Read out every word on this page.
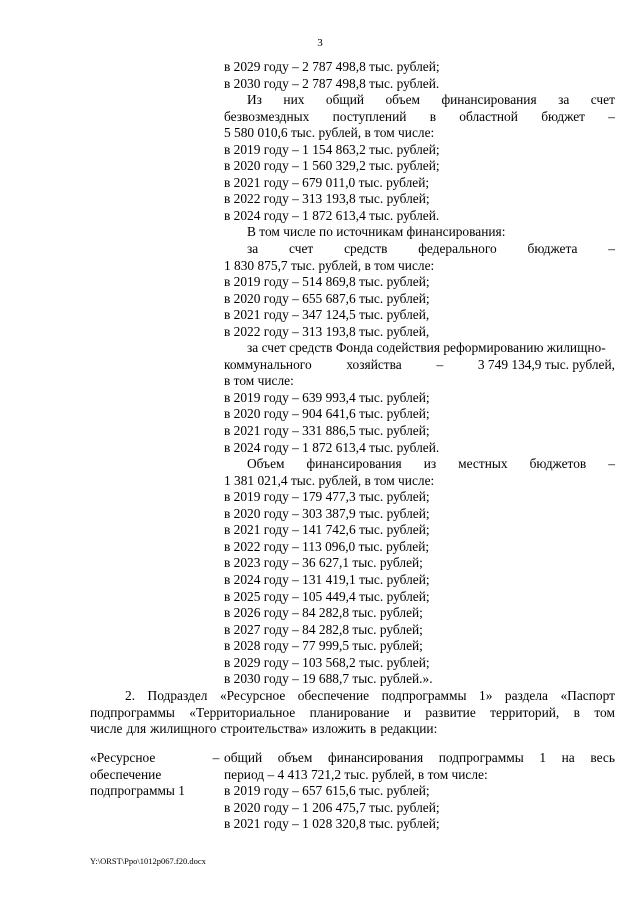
3
в 2029 году – 2 787 498,8 тыс. рублей;
в 2030 году – 2 787 498,8 тыс. рублей.
Из них общий объем финансирования за счет
безвозмездных поступлений в областной бюджет –
5 580 010,6 тыс. рублей, в том числе:
в 2019 году – 1 154 863,2 тыс. рублей;
в 2020 году – 1 560 329,2 тыс. рублей;
в 2021 году – 679 011,0 тыс. рублей;
в 2022 году – 313 193,8 тыс. рублей;
в 2024 году – 1 872 613,4 тыс. рублей.
В том числе по источникам финансирования:
за счет средств федерального бюджета –
1 830 875,7 тыс. рублей, в том числе:
в 2019 году – 514 869,8 тыс. рублей;
в 2020 году – 655 687,6 тыс. рублей;
в 2021 году – 347 124,5 тыс. рублей,
в 2022 году – 313 193,8 тыс. рублей,
за счет средств Фонда содействия реформированию жилищно-
коммунального	хозяйства	–	3 749 134,9 тыс. рублей,
в том числе:
в 2019 году – 639 993,4 тыс. рублей;
в 2020 году – 904 641,6 тыс. рублей;
в 2021 году – 331 886,5 тыс. рублей;
в 2024 году – 1 872 613,4 тыс. рублей.
Объем финансирования из местных бюджетов –
1 381 021,4 тыс. рублей, в том числе:
в 2019 году – 179 477,3 тыс. рублей;
в 2020 году – 303 387,9 тыс. рублей;
в 2021 году – 141 742,6 тыс. рублей;
в 2022 году – 113 096,0 тыс. рублей;
в 2023 году – 36 627,1 тыс. рублей;
в 2024 году – 131 419,1 тыс. рублей;
в 2025 году – 105 449,4 тыс. рублей;
в 2026 году – 84 282,8 тыс. рублей;
в 2027 году – 84 282,8 тыс. рублей;
в 2028 году – 77 999,5 тыс. рублей;
в 2029 году – 103 568,2 тыс. рублей;
в 2030 году – 19 688,7 тыс. рублей.».
2. Подраздел «Ресурсное обеспечение подпрограммы 1» раздела «Паспорт
подпрограммы «Территориальное планирование и развитие территорий, в том
числе для жилищного строительства» изложить в редакции:
«Ресурсное
обеспечение
подпрограммы 1
– общий объем финансирования подпрограммы 1 на весь
период – 4 413 721,2 тыс. рублей, в том числе:
в 2019 году – 657 615,6 тыс. рублей;
в 2020 году – 1 206 475,7 тыс. рублей;
в 2021 году – 1 028 320,8 тыс. рублей;
Y:\ORST\Ppo\1012p067.f20.docx
